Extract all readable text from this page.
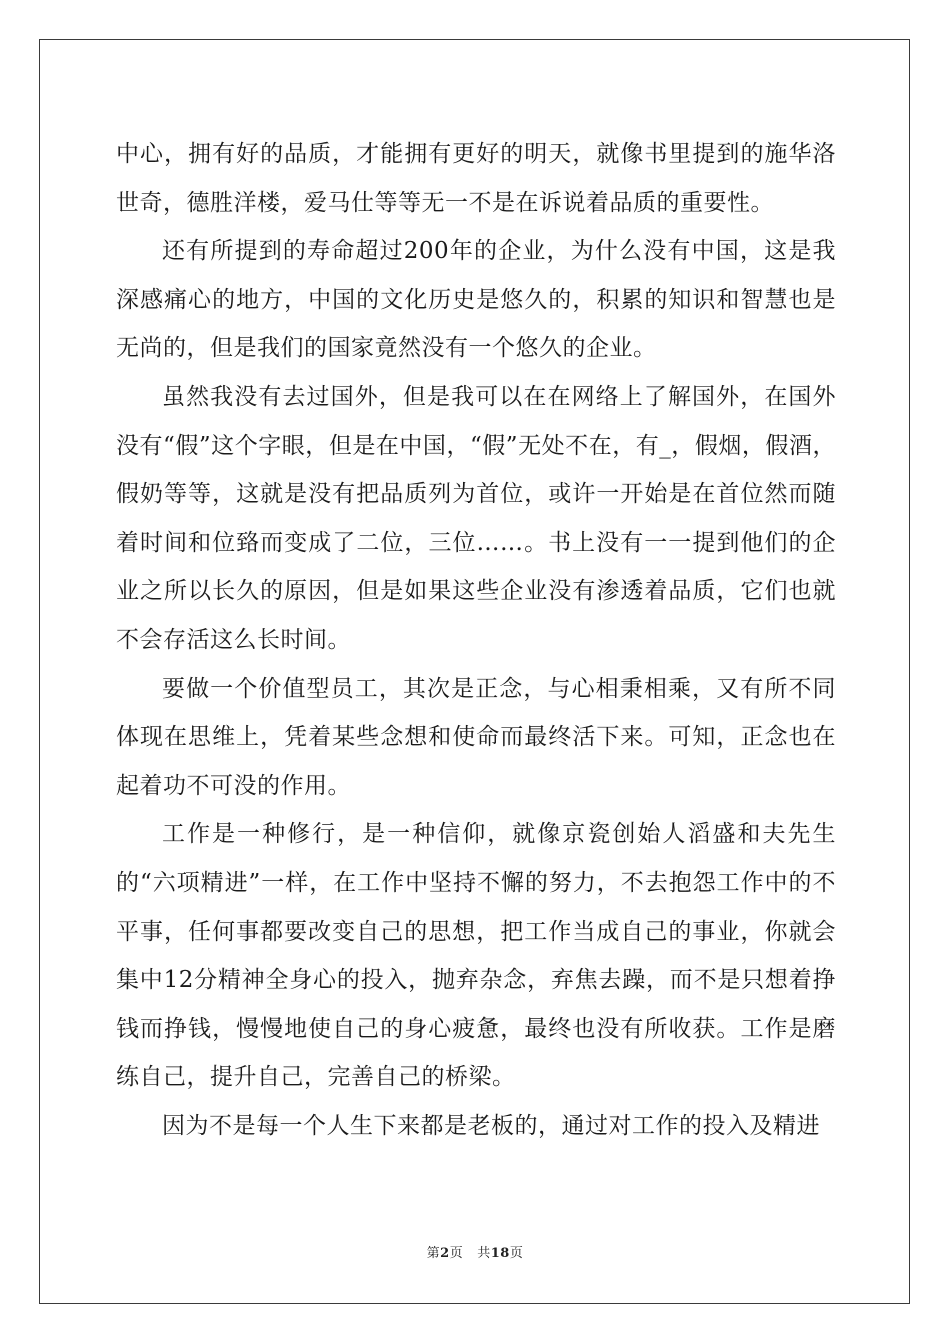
中心，拥有好的品质，才能拥有更好的明天，就像书里提到的施华洛世奇，德胜洋楼，爱马仕等等无一不是在诉说着品质的重要性。

还有所提到的寿命超过200年的企业，为什么没有中国，这是我深感痛心的地方，中国的文化历史是悠久的，积累的知识和智慧也是无尚的，但是我们的国家竟然没有一个悠久的企业。

虽然我没有去过国外，但是我可以在在网络上了解国外，在国外没有“假”这个字眼，但是在中国，“假”无处不在，有_，假烟，假酒，假奶等等，这就是没有把品质列为首位，或许一开始是在首位然而随着时间和位臵而变成了二位，三位……。书上没有一一提到他们的企业之所以长久的原因，但是如果这些企业没有渗透着品质，它们也就不会存活这么长时间。

要做一个价值型员工，其次是正念，与心相秉相乘，又有所不同体现在思维上，凭着某些念想和使命而最终活下来。可知，正念也在起着功不可没的作用。

工作是一种修行，是一种信仰，就像京瓷创始人滔盛和夫先生的“六项精进”一样，在工作中坚持不懈的努力，不去抱怨工作中的不平事，任何事都要改变自己的思想，把工作当成自己的事业，你就会集中12分精神全身心的投入，抛弃杂念，弃焦去躁，而不是只想着挣钱而挣钱，慢慢地使自己的身心疲惫，最终也没有所收获。工作是磨练自己，提升自己，完善自己的桥梁。

因为不是每一个人生下来都是老板的，通过对工作的投入及精进

第2页 共18页
